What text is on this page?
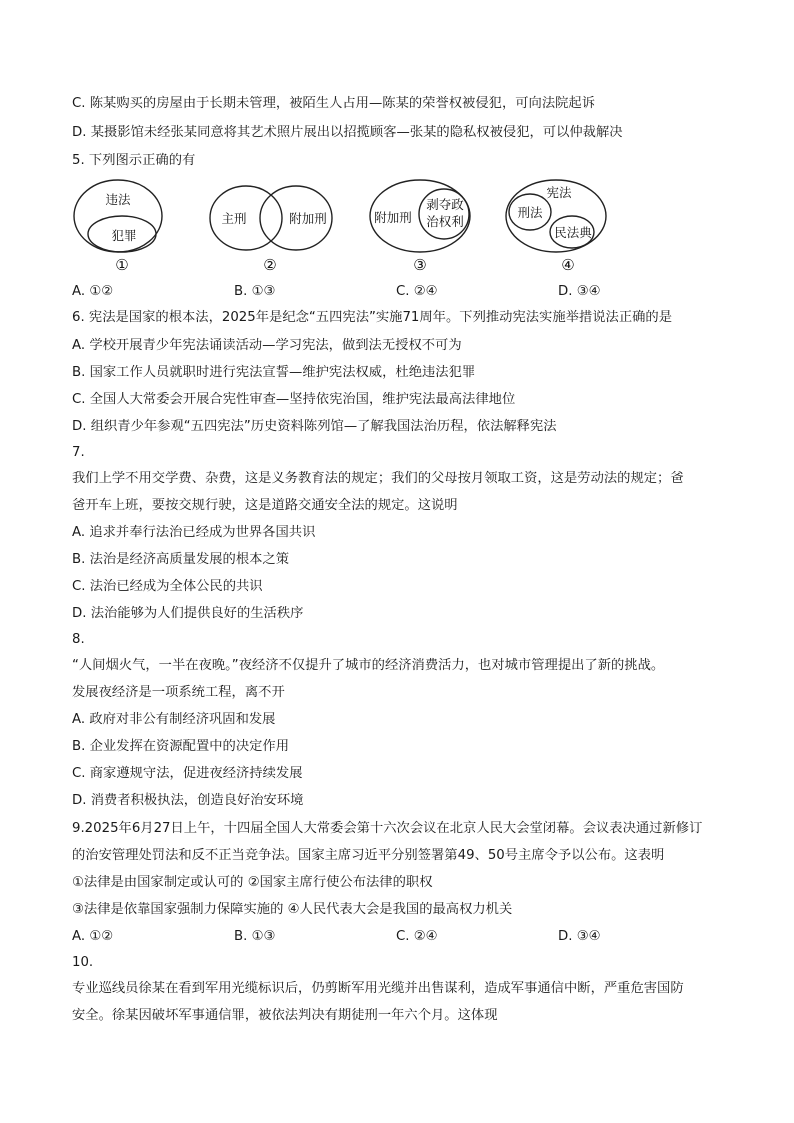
C. 陈某购买的房屋由于长期未管理，被陌生人占用—陈某的荣誉权被侵犯，可向法院起诉
D. 某摄影馆未经张某同意将其艺术照片展出以招揽顾客—张某的隐私权被侵犯，可以仲裁解决
5. 下列图示正确的有
违法
犯罪
①
主刑	附加刑
②
附加刑
剥夺政
治权利
③
宪法
刑法
民法典
④
A. ①②	B. ①③	C. ②④	D. ③④
6. 宪法是国家的根本法，2025年是纪念“五四宪法”实施71周年。下列推动宪法实施举措说法正确的是
A. 学校开展青少年宪法诵读活动—学习宪法，做到法无授权不可为
B. 国家工作人员就职时进行宪法宣誓—维护宪法权威，杜绝违法犯罪
C. 全国人大常委会开展合宪性审查—坚持依宪治国，维护宪法最高法律地位
D. 组织青少年参观“五四宪法”历史资料陈列馆—了解我国法治历程，依法解释宪法
7.
我们上学不用交学费、杂费，这是义务教育法的规定；我们的父母按月领取工资，这是劳动法的规定；爸
爸开车上班，要按交规行驶，这是道路交通安全法的规定。这说明
A. 追求并奉行法治已经成为世界各国共识
B. 法治是经济高质量发展的根本之策
C. 法治已经成为全体公民的共识
D. 法治能够为人们提供良好的生活秩序
8.
“人间烟火气，一半在夜晚。”夜经济不仅提升了城市的经济消费活力，也对城市管理提出了新的挑战。
发展夜经济是一项系统工程，离不开
A. 政府对非公有制经济巩固和发展
B. 企业发挥在资源配置中的决定作用
C. 商家遵规守法，促进夜经济持续发展
D. 消费者积极执法，创造良好治安环境
9.2025年6月27日上午，十四届全国人大常委会第十六次会议在北京人民大会堂闭幕。会议表决通过新修订
的治安管理处罚法和反不正当竞争法。国家主席习近平分别签署第49、50号主席令予以公布。这表明
①法律是由国家制定或认可的 ②国家主席行使公布法律的职权
③法律是依靠国家强制力保障实施的 ④人民代表大会是我国的最高权力机关
A. ①②	B. ①③	C. ②④	D. ③④
10.
专业巡线员徐某在看到军用光缆标识后，仍剪断军用光缆并出售谋利，造成军事通信中断，严重危害国防
安全。徐某因破坏军事通信罪，被依法判决有期徒刑一年六个月。这体现
